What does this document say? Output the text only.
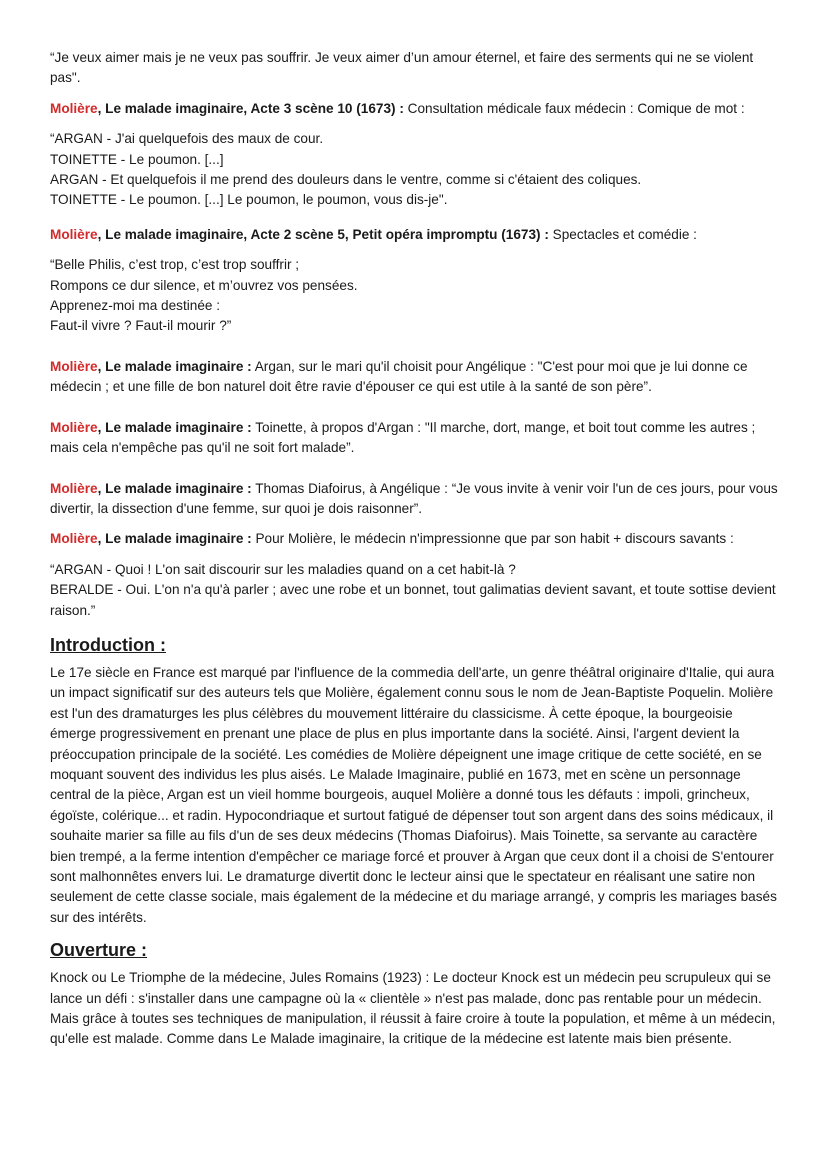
“Je veux aimer mais je ne veux pas souffrir. Je veux aimer d’un amour éternel, et faire des serments qui ne se violent pas".

Molière, Le malade imaginaire, Acte 3 scène 10 (1673) : Consultation médicale faux médecin : Comique de mot :

“ARGAN - J'ai quelquefois des maux de cour.

TOINETTE - Le poumon. [...]

ARGAN - Et quelquefois il me prend des douleurs dans le ventre, comme si c'étaient des coliques.

TOINETTE - Le poumon. [...] Le poumon, le poumon, vous dis-je".

Molière, Le malade imaginaire, Acte 2 scène 5, Petit opéra impromptu (1673) : Spectacles et comédie :

“Belle Philis, c’est trop, c’est trop souffrir ;

Rompons ce dur silence, et m’ouvrez vos pensées.

Apprenez-moi ma destinée :

Faut-il vivre ? Faut-il mourir ?”

Molière, Le malade imaginaire : Argan, sur le mari qu'il choisit pour Angélique : "C'est pour moi que je lui donne ce médecin ; et une fille de bon naturel doit être ravie d'épouser ce qui est utile à la santé de son père”.

Molière, Le malade imaginaire : Toinette, à propos d'Argan : "Il marche, dort, mange, et boit tout comme les autres ; mais cela n'empêche pas qu'il ne soit fort malade”.

Molière, Le malade imaginaire : Thomas Diafoirus, à Angélique : “Je vous invite à venir voir l'un de ces jours, pour vous divertir, la dissection d'une femme, sur quoi je dois raisonner”.

Molière, Le malade imaginaire : Pour Molière, le médecin n'impressionne que par son habit + discours savants :

“ARGAN - Quoi ! L'on sait discourir sur les maladies quand on a cet habit-là ?

BERALDE - Oui. L'on n'a qu'à parler ; avec une robe et un bonnet, tout galimatias devient savant, et toute sottise devient raison.”

Introduction :

Le 17e siècle en France est marqué par l'influence de la commedia dell'arte, un genre théâtral originaire d'Italie, qui aura un impact significatif sur des auteurs tels que Molière, également connu sous le nom de Jean-Baptiste Poquelin. Molière est l'un des dramaturges les plus célèbres du mouvement littéraire du classicisme. À cette époque, la bourgeoisie émerge progressivement en prenant une place de plus en plus importante dans la société. Ainsi, l'argent devient la préoccupation principale de la société. Les comédies de Molière dépeignent une image critique de cette société, en se moquant souvent des individus les plus aisés. Le Malade Imaginaire, publié en 1673, met en scène un personnage central de la pièce, Argan est un vieil homme bourgeois, auquel Molière a donné tous les défauts : impoli, grincheux, égoïste, colérique... et radin. Hypocondriaque et surtout fatigué de dépenser tout son argent dans des soins médicaux, il souhaite marier sa fille au fils d'un de ses deux médecins (Thomas Diafoirus). Mais Toinette, sa servante au caractère bien trempé, a la ferme intention d'empêcher ce mariage forcé et prouver à Argan que ceux dont il a choisi de S'entourer sont malhonnêtes envers lui. Le dramaturge divertit donc le lecteur ainsi que le spectateur en réalisant une satire non seulement de cette classe sociale, mais également de la médecine et du mariage arrangé, y compris les mariages basés sur des intérêts.

Ouverture :

Knock ou Le Triomphe de la médecine, Jules Romains (1923) : Le docteur Knock est un médecin peu scrupuleux qui se lance un défi : s'installer dans une campagne où la « clientèle » n'est pas malade, donc pas rentable pour un médecin. Mais grâce à toutes ses techniques de manipulation, il réussit à faire croire à toute la population, et même à un médecin, qu'elle est malade. Comme dans Le Malade imaginaire, la critique de la médecine est latente mais bien présente.
